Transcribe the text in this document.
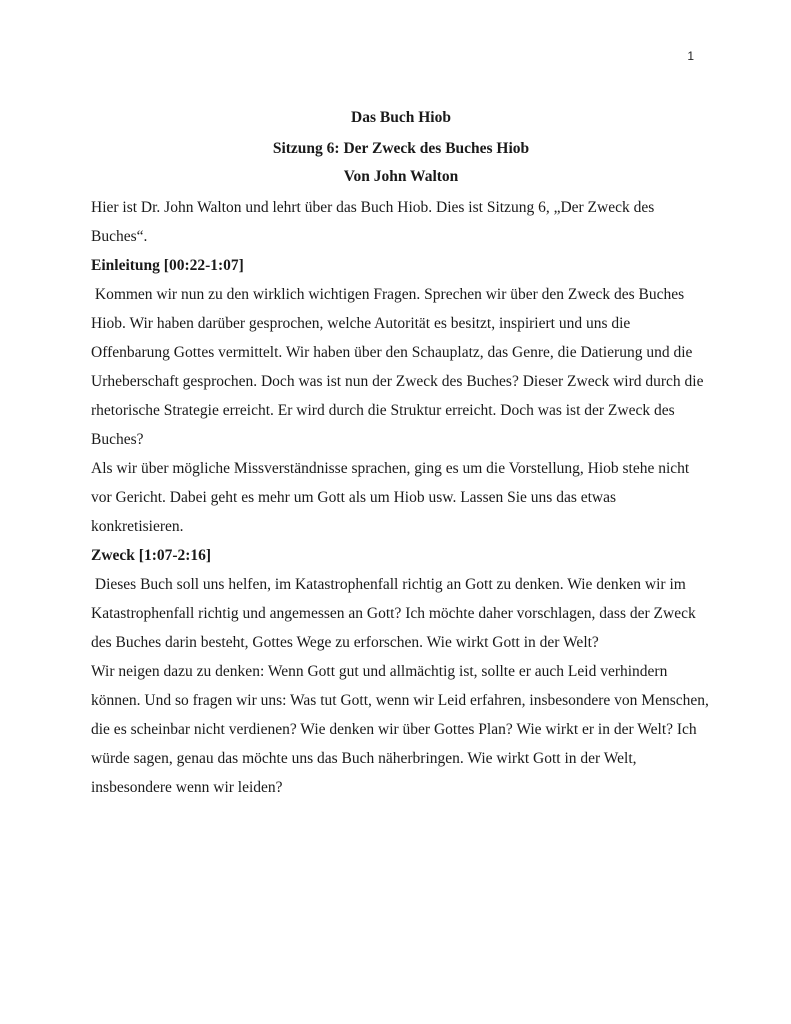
1

Das Buch Hiob

Sitzung 6: Der Zweck des Buches Hiob

Von John Walton

Hier ist Dr. John Walton und lehrt über das Buch Hiob. Dies ist Sitzung 6, „Der Zweck des Buches“.

Einleitung [00:22-1:07]

Kommen wir nun zu den wirklich wichtigen Fragen. Sprechen wir über den Zweck des Buches Hiob. Wir haben darüber gesprochen, welche Autorität es besitzt, inspiriert und uns die Offenbarung Gottes vermittelt. Wir haben über den Schauplatz, das Genre, die Datierung und die Urheberschaft gesprochen. Doch was ist nun der Zweck des Buches? Dieser Zweck wird durch die rhetorische Strategie erreicht. Er wird durch die Struktur erreicht. Doch was ist der Zweck des Buches?

Als wir über mögliche Missverständnisse sprachen, ging es um die Vorstellung, Hiob stehe nicht vor Gericht. Dabei geht es mehr um Gott als um Hiob usw. Lassen Sie uns das etwas konkretisieren.

Zweck [1:07-2:16]

Dieses Buch soll uns helfen, im Katastrophenfall richtig an Gott zu denken. Wie denken wir im Katastrophenfall richtig und angemessen an Gott? Ich möchte daher vorschlagen, dass der Zweck des Buches darin besteht, Gottes Wege zu erforschen. Wie wirkt Gott in der Welt?

Wir neigen dazu zu denken: Wenn Gott gut und allmächtig ist, sollte er auch Leid verhindern können. Und so fragen wir uns: Was tut Gott, wenn wir Leid erfahren, insbesondere von Menschen, die es scheinbar nicht verdienen? Wie denken wir über Gottes Plan? Wie wirkt er in der Welt? Ich würde sagen, genau das möchte uns das Buch näherbringen. Wie wirkt Gott in der Welt, insbesondere wenn wir leiden?
